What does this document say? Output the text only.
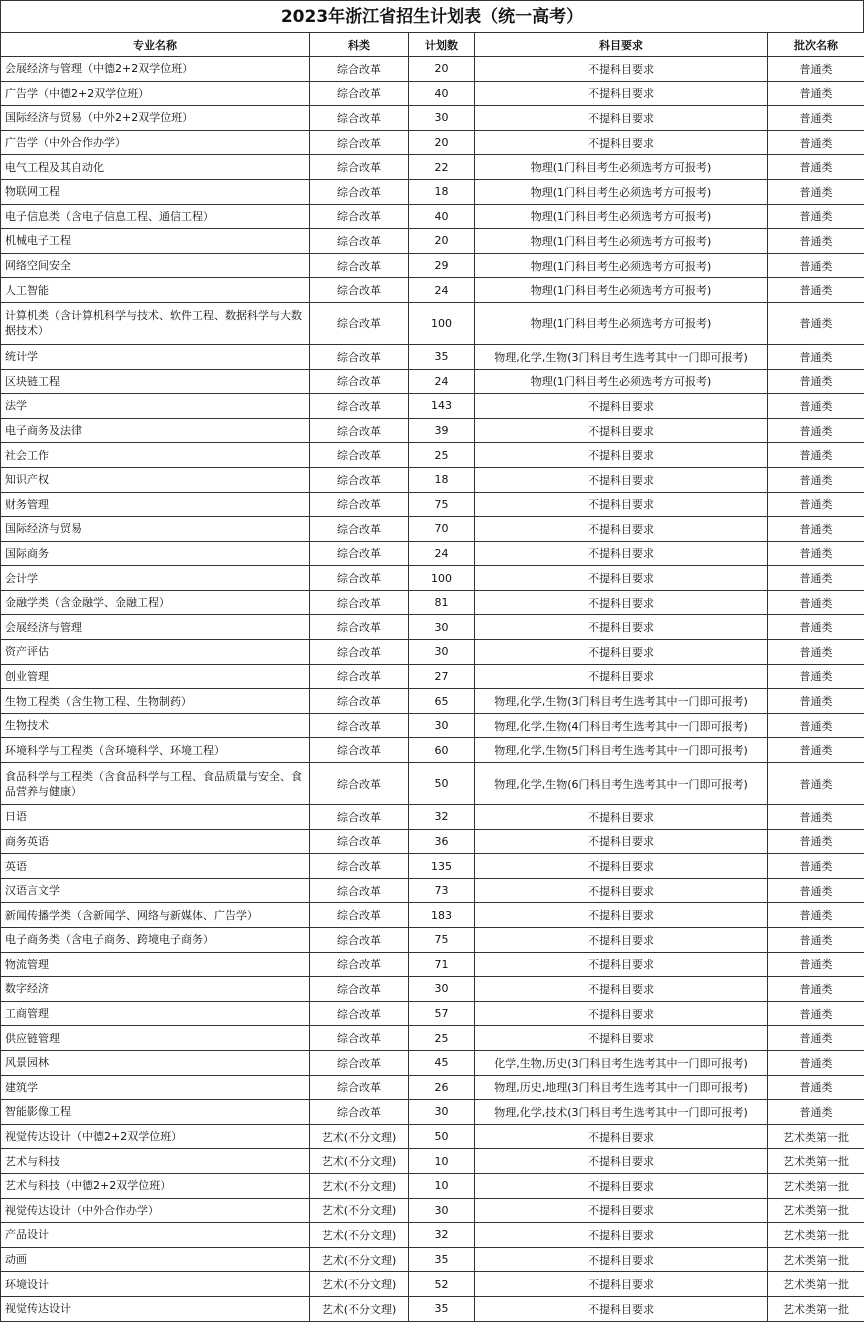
2023年浙江省招生计划表（统一高考）
专业名称	科类	计划数	科目要求	批次名称
会展经济与管理（中德2+2双学位班）	综合改革	20	不提科目要求	普通类
广告学（中德2+2双学位班）	综合改革	40	不提科目要求	普通类
国际经济与贸易（中外2+2双学位班）	综合改革	30	不提科目要求	普通类
广告学（中外合作办学）	综合改革	20	不提科目要求	普通类
电气工程及其自动化	综合改革	22	物理(1门科目考生必须选考方可报考)	普通类
物联网工程	综合改革	18	物理(1门科目考生必须选考方可报考)	普通类
电子信息类（含电子信息工程、通信工程）	综合改革	40	物理(1门科目考生必须选考方可报考)	普通类
机械电子工程	综合改革	20	物理(1门科目考生必须选考方可报考)	普通类
网络空间安全	综合改革	29	物理(1门科目考生必须选考方可报考)	普通类
人工智能	综合改革	24	物理(1门科目考生必须选考方可报考)	普通类
计算机类（含计算机科学与技术、软件工程、数据科学与大数据技术）	综合改革	100	物理(1门科目考生必须选考方可报考)	普通类
统计学	综合改革	35	物理,化学,生物(3门科目考生选考其中一门即可报考)	普通类
区块链工程	综合改革	24	物理(1门科目考生必须选考方可报考)	普通类
法学	综合改革	143	不提科目要求	普通类
电子商务及法律	综合改革	39	不提科目要求	普通类
社会工作	综合改革	25	不提科目要求	普通类
知识产权	综合改革	18	不提科目要求	普通类
财务管理	综合改革	75	不提科目要求	普通类
国际经济与贸易	综合改革	70	不提科目要求	普通类
国际商务	综合改革	24	不提科目要求	普通类
会计学	综合改革	100	不提科目要求	普通类
金融学类（含金融学、金融工程）	综合改革	81	不提科目要求	普通类
会展经济与管理	综合改革	30	不提科目要求	普通类
资产评估	综合改革	30	不提科目要求	普通类
创业管理	综合改革	27	不提科目要求	普通类
生物工程类（含生物工程、生物制药）	综合改革	65	物理,化学,生物(3门科目考生选考其中一门即可报考)	普通类
生物技术	综合改革	30	物理,化学,生物(4门科目考生选考其中一门即可报考)	普通类
环境科学与工程类（含环境科学、环境工程）	综合改革	60	物理,化学,生物(5门科目考生选考其中一门即可报考)	普通类
食品科学与工程类（含食品科学与工程、食品质量与安全、食品营养与健康）	综合改革	50	物理,化学,生物(6门科目考生选考其中一门即可报考)	普通类
日语	综合改革	32	不提科目要求	普通类
商务英语	综合改革	36	不提科目要求	普通类
英语	综合改革	135	不提科目要求	普通类
汉语言文学	综合改革	73	不提科目要求	普通类
新闻传播学类（含新闻学、网络与新媒体、广告学）	综合改革	183	不提科目要求	普通类
电子商务类（含电子商务、跨境电子商务）	综合改革	75	不提科目要求	普通类
物流管理	综合改革	71	不提科目要求	普通类
数字经济	综合改革	30	不提科目要求	普通类
工商管理	综合改革	57	不提科目要求	普通类
供应链管理	综合改革	25	不提科目要求	普通类
风景园林	综合改革	45	化学,生物,历史(3门科目考生选考其中一门即可报考)	普通类
建筑学	综合改革	26	物理,历史,地理(3门科目考生选考其中一门即可报考)	普通类
智能影像工程	综合改革	30	物理,化学,技术(3门科目考生选考其中一门即可报考)	普通类
视觉传达设计（中德2+2双学位班）	艺术(不分文理)	50	不提科目要求	艺术类第一批
艺术与科技	艺术(不分文理)	10	不提科目要求	艺术类第一批
艺术与科技（中德2+2双学位班）	艺术(不分文理)	10	不提科目要求	艺术类第一批
视觉传达设计（中外合作办学）	艺术(不分文理)	30	不提科目要求	艺术类第一批
产品设计	艺术(不分文理)	32	不提科目要求	艺术类第一批
动画	艺术(不分文理)	35	不提科目要求	艺术类第一批
环境设计	艺术(不分文理)	52	不提科目要求	艺术类第一批
视觉传达设计	艺术(不分文理)	35	不提科目要求	艺术类第一批
